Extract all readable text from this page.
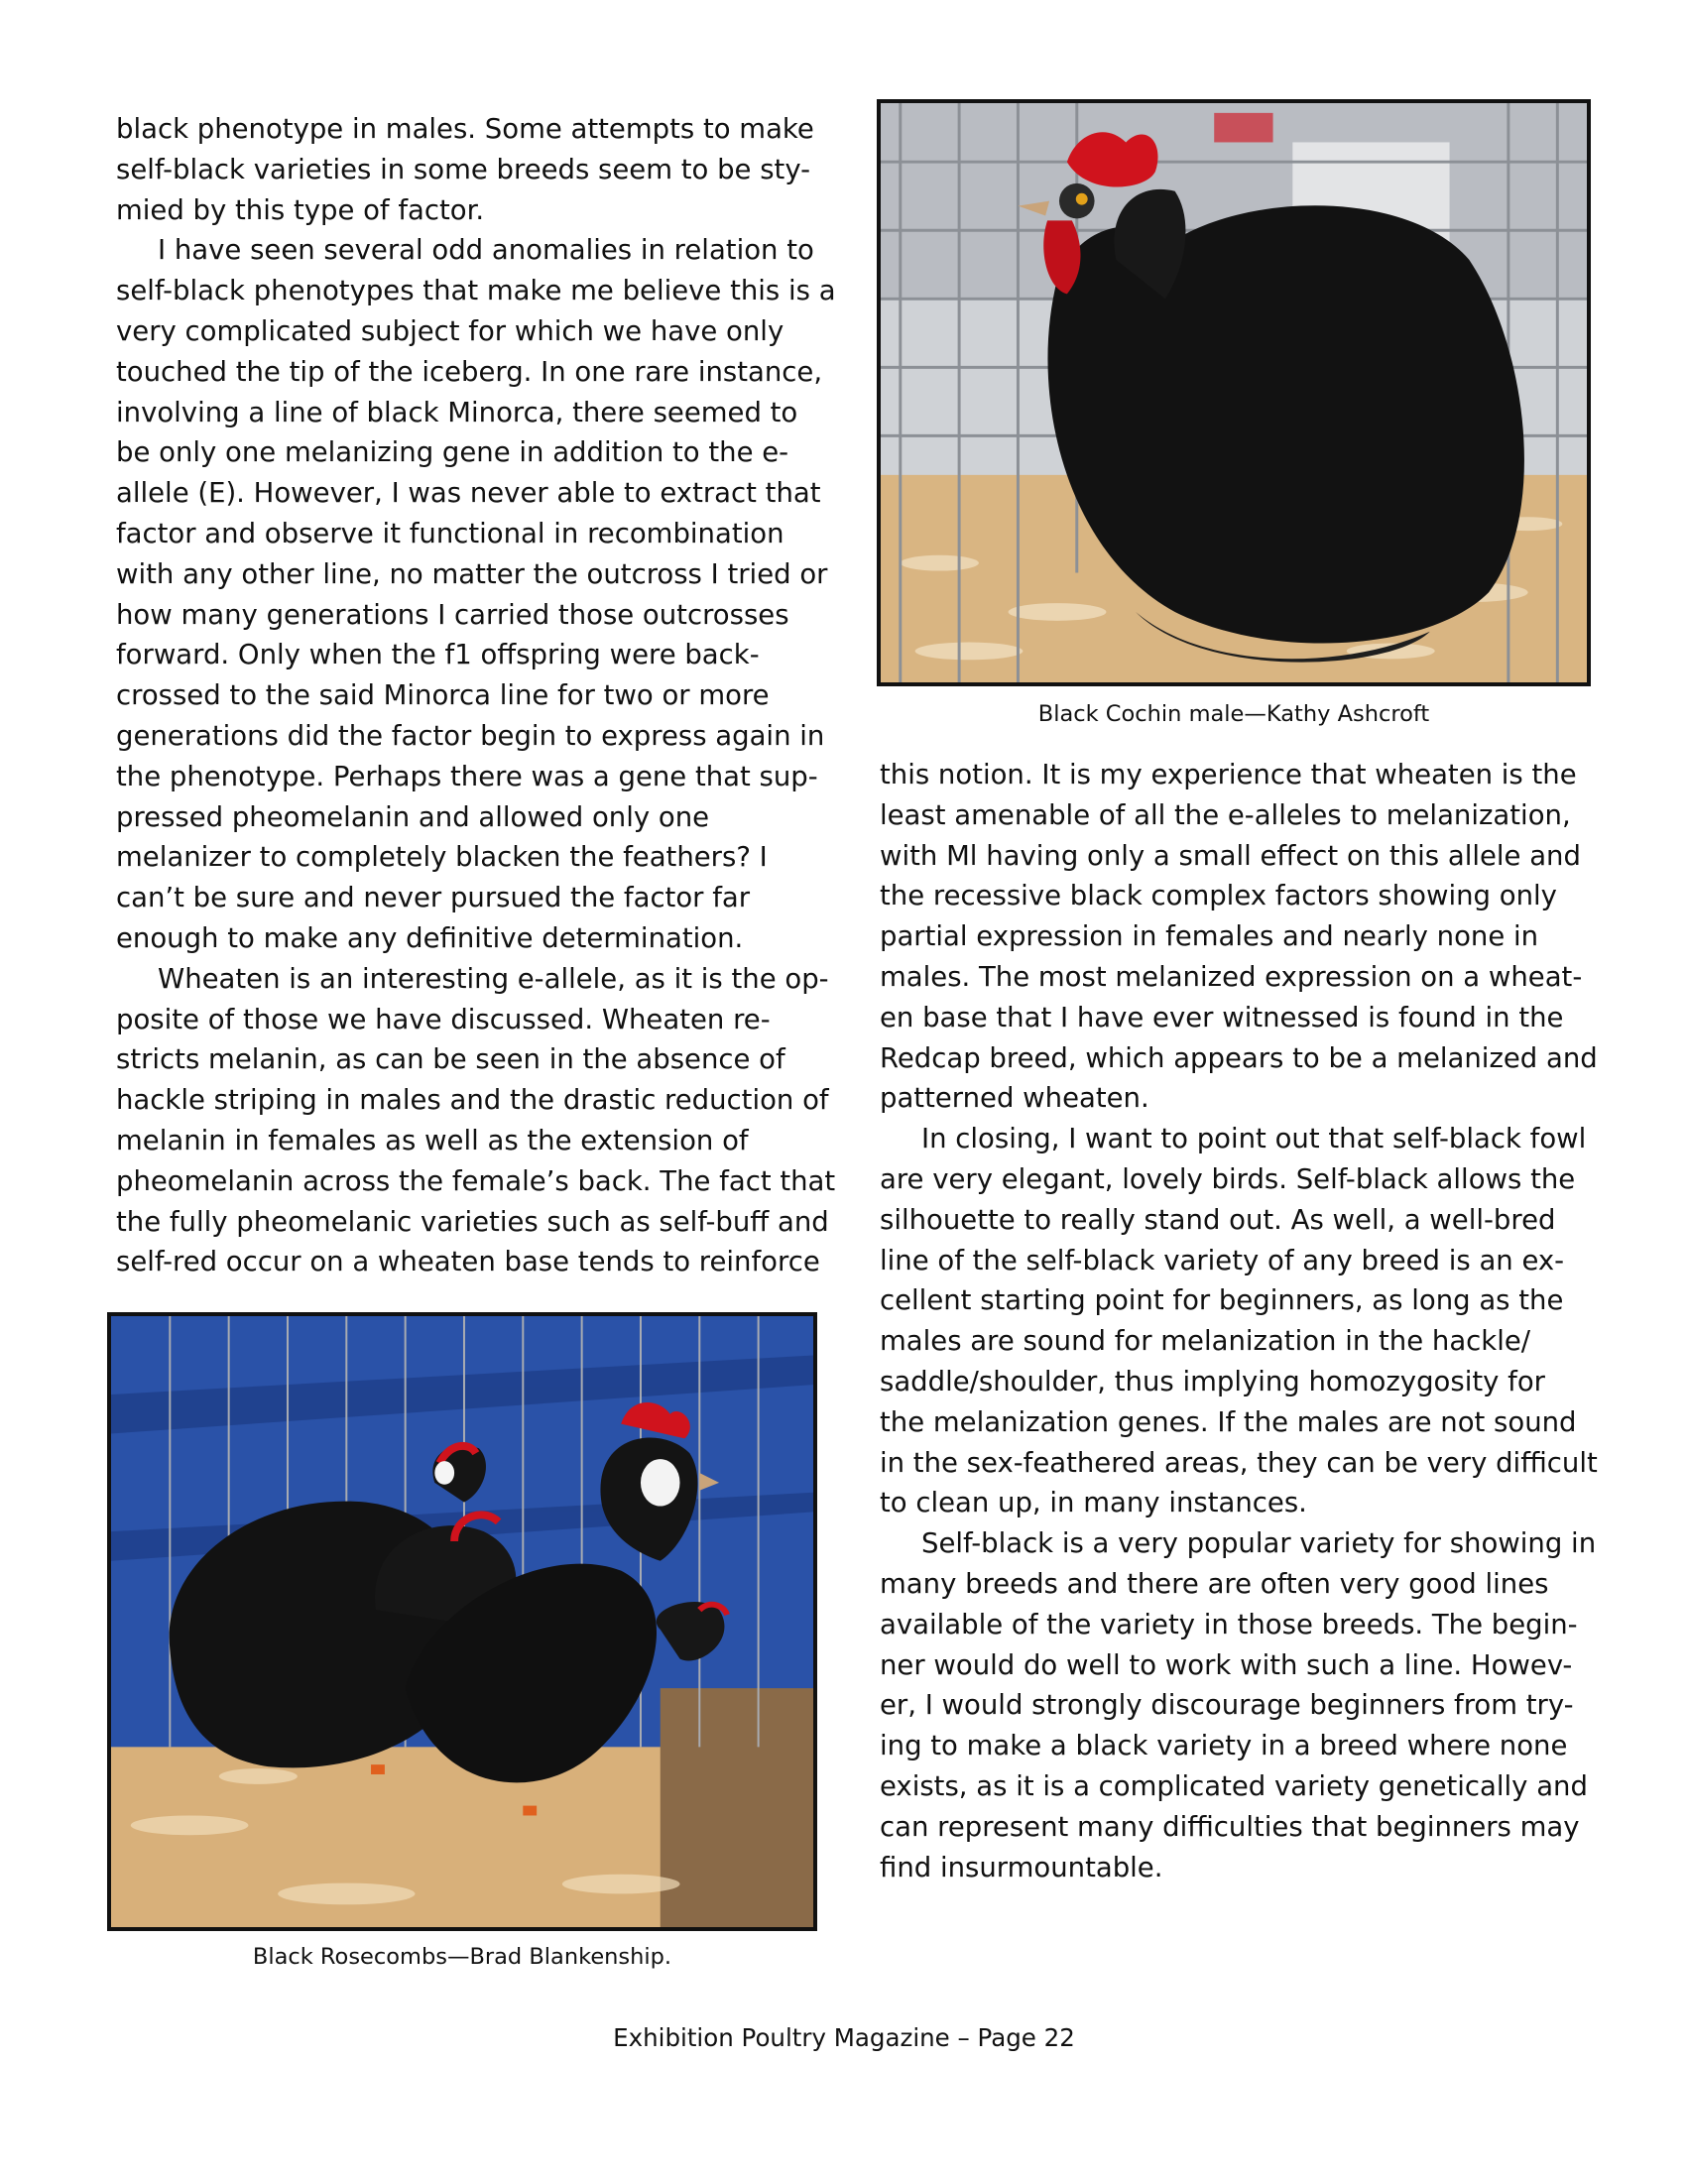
black phenotype in males. Some attempts to make

self-black varieties in some breeds seem to be sty-

mied by this type of factor.

I have seen several odd anomalies in relation to

self-black phenotypes that make me believe this is a

very complicated subject for which we have only

touched the tip of the iceberg. In one rare instance,

involving a line of black Minorca, there seemed to

be only one melanizing gene in addition to the e-

allele (E). However, I was never able to extract that

factor and observe it functional in recombination

with any other line, no matter the outcross I tried or

how many generations I carried those outcrosses

forward. Only when the f1 offspring were back-

crossed to the said Minorca line for two or more

generations did the factor begin to express again in

the phenotype. Perhaps there was a gene that sup-

pressed pheomelanin and allowed only one

melanizer to completely blacken the feathers? I

can’t be sure and never pursued the factor far

enough to make any definitive determination.

Wheaten is an interesting e-allele, as it is the op-

posite of those we have discussed. Wheaten re-

stricts melanin, as can be seen in the absence of

hackle striping in males and the drastic reduction of

melanin in females as well as the extension of

pheomelanin across the female’s back. The fact that

the fully pheomelanic varieties such as self-buff and

self-red occur on a wheaten base tends to reinforce

this notion. It is my experience that wheaten is the

least amenable of all the e-alleles to melanization,

with Ml having only a small effect on this allele and

the recessive black complex factors showing only

partial expression in females and nearly none in

males. The most melanized expression on a wheat-

en base that I have ever witnessed is found in the

Redcap breed, which appears to be a melanized and

patterned wheaten.

In closing, I want to point out that self-black fowl

are very elegant, lovely birds. Self-black allows the

silhouette to really stand out. As well, a well-bred

line of the self-black variety of any breed is an ex-

cellent starting point for beginners, as long as the

males are sound for melanization in the hackle/

saddle/shoulder, thus implying homozygosity for

the melanization genes. If the males are not sound

in the sex-feathered areas, they can be very difficult

to clean up, in many instances.

Self-black is a very popular variety for showing in

many breeds and there are often very good lines

available of the variety in those breeds. The begin-

ner would do well to work with such a line. Howev-

er, I would strongly discourage beginners from try-

ing to make a black variety in a breed where none

exists, as it is a complicated variety genetically and

can represent many difficulties that beginners may

find insurmountable.

Black Cochin male—Kathy Ashcroft
Black Rosecombs—Brad Blankenship.
Exhibition Poultry Magazine – Page 22
